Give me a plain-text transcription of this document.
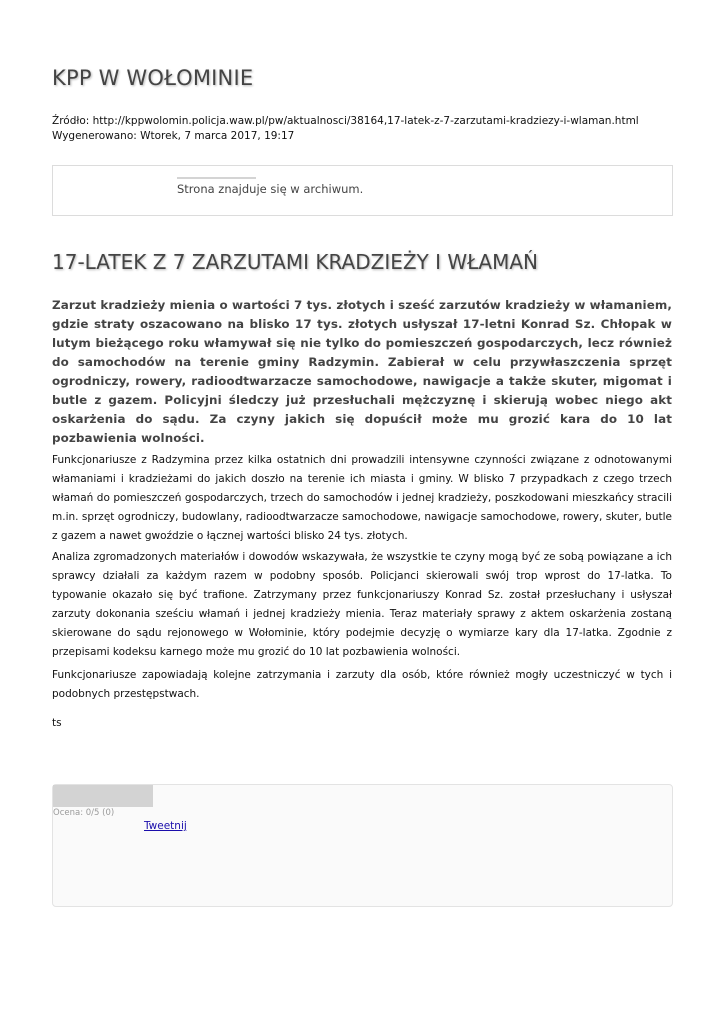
KPP W WOŁOMINIE
Źródło: http://kppwolomin.policja.waw.pl/pw/aktualnosci/38164,17-latek-z-7-zarzutami-kradziezy-i-wlaman.html
Wygenerowano: Wtorek, 7 marca 2017, 19:17
Strona znajduje się w archiwum.
17-LATEK Z 7 ZARZUTAMI KRADZIEŻY I WŁAMAŃ

Zarzut kradzieży mienia o wartości 7 tys. złotych i sześć zarzutów kradzieży w włamaniem, gdzie straty oszacowano na blisko 17 tys. złotych usłyszał 17-letni Konrad Sz. Chłopak w lutym bieżącego roku włamywał się nie tylko do pomieszczeń gospodarczych, lecz również do samochodów na terenie gminy Radzymin. Zabierał w celu przywłaszczenia sprzęt ogrodniczy, rowery, radioodtwarzacze samochodowe, nawigacje a także skuter, migomat i butle z gazem. Policyjni śledczy już przesłuchali mężczyznę i skierują wobec niego akt oskarżenia do sądu. Za czyny jakich się dopuścił może mu grozić kara do 10 lat pozbawienia wolności.

Funkcjonariusze z Radzymina przez kilka ostatnich dni prowadzili intensywne czynności związane z odnotowanymi włamaniami i kradzieżami do jakich doszło na terenie ich miasta i gminy. W blisko 7 przypadkach z czego trzech włamań do pomieszczeń gospodarczych, trzech do samochodów i jednej kradzieży, poszkodowani mieszkańcy stracili m.in. sprzęt ogrodniczy, budowlany, radioodtwarzacze samochodowe, nawigacje samochodowe, rowery, skuter, butle z gazem a nawet gwoździe o łącznej wartości blisko 24 tys. złotych.

Analiza zgromadzonych materiałów i dowodów wskazywała, że wszystkie te czyny mogą być ze sobą powiązane a ich sprawcy działali za każdym razem w podobny sposób. Policjanci skierowali swój trop wprost do 17-latka. To typowanie okazało się być trafione. Zatrzymany przez funkcjonariuszy Konrad Sz. został przesłuchany i usłyszał zarzuty dokonania sześciu włamań i jednej kradzieży mienia. Teraz materiały sprawy z aktem oskarżenia zostaną skierowane do sądu rejonowego w Wołominie, który podejmie decyzję o wymiarze kary dla 17-latka. Zgodnie z przepisami kodeksu karnego może mu grozić do 10 lat pozbawienia wolności.

Funkcjonariusze zapowiadają kolejne zatrzymania i zarzuty dla osób, które również mogły uczestniczyć w tych i podobnych przestępstwach.

ts

Ocena: 0/5 (0)
Tweetnij
